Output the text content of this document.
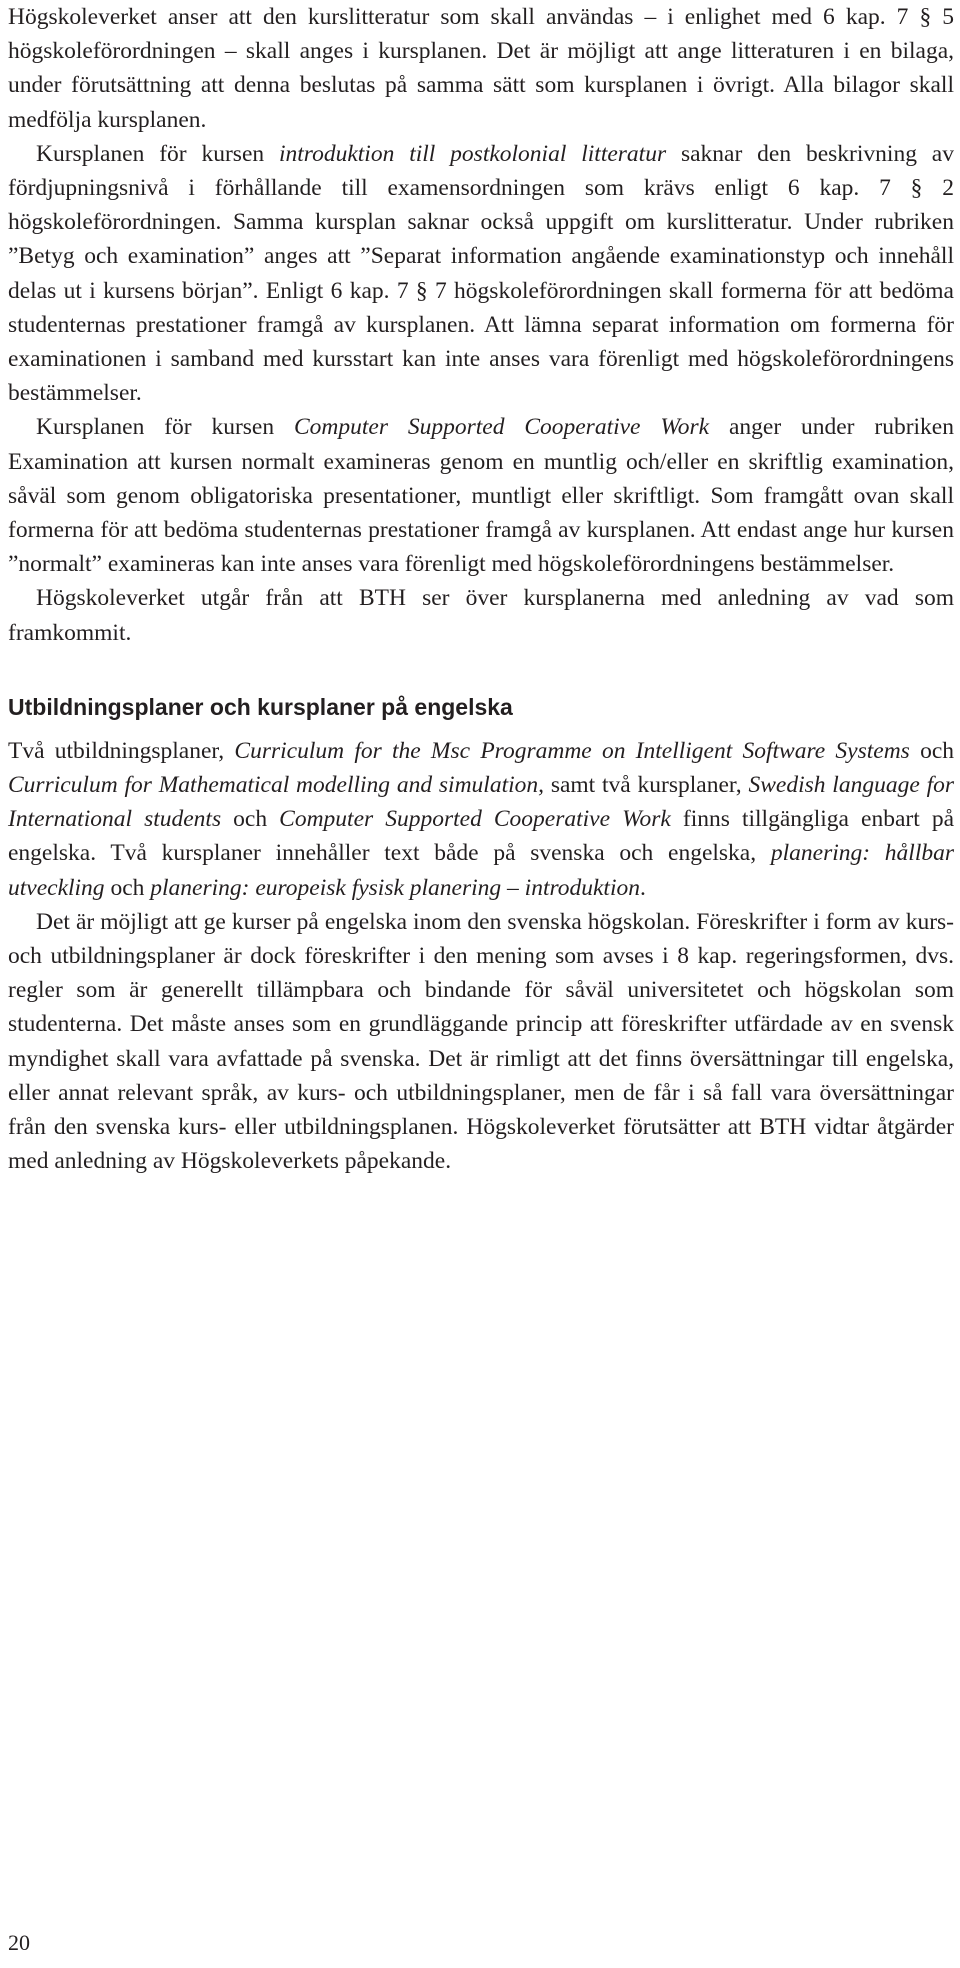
Högskoleverket anser att den kurslitteratur som skall användas – i enlighet med 6 kap. 7 § 5 högskoleförordningen – skall anges i kursplanen. Det är möjligt att ange litteraturen i en bilaga, under förutsättning att denna beslutas på samma sätt som kursplanen i övrigt. Alla bilagor skall medfölja kursplanen.

Kursplanen för kursen introduktion till postkolonial litteratur saknar den beskrivning av fördjupningsnivå i förhållande till examensordningen som krävs enligt 6 kap. 7 § 2 högskoleförordningen. Samma kursplan saknar också uppgift om kurslitteratur. Under rubriken ”Betyg och examination” anges att ”Separat information angående examinationstyp och innehåll delas ut i kursens början”. Enligt 6 kap. 7 § 7 högskoleförordningen skall formerna för att bedöma studenternas prestationer framgå av kursplanen. Att lämna separat information om formerna för examinationen i samband med kursstart kan inte anses vara förenligt med högskoleförordningens bestämmelser.

Kursplanen för kursen Computer Supported Cooperative Work anger under rubriken Examination att kursen normalt examineras genom en muntlig och/eller en skriftlig examination, såväl som genom obligatoriska presentationer, muntligt eller skriftligt. Som framgått ovan skall formerna för att bedöma studenternas prestationer framgå av kursplanen. Att endast ange hur kursen ”normalt” examineras kan inte anses vara förenligt med högskoleförordningens bestämmelser.

Högskoleverket utgår från att BTH ser över kursplanerna med anledning av vad som framkommit.

Utbildningsplaner och kursplaner på engelska

Två utbildningsplaner, Curriculum for the Msc Programme on Intelligent Software Systems och Curriculum for Mathematical modelling and simulation, samt två kursplaner, Swedish language for International students och Computer Supported Cooperative Work finns tillgängliga enbart på engelska. Två kursplaner innehåller text både på svenska och engelska, planering: hållbar utveckling och planering: europeisk fysisk planering – introduktion.

Det är möjligt att ge kurser på engelska inom den svenska högskolan. Föreskrifter i form av kurs- och utbildningsplaner är dock föreskrifter i den mening som avses i 8 kap. regeringsformen, dvs. regler som är generellt tillämpbara och bindande för såväl universitetet och högskolan som studenterna. Det måste anses som en grundläggande princip att föreskrifter utfärdade av en svensk myndighet skall vara avfattade på svenska. Det är rimligt att det finns översättningar till engelska, eller annat relevant språk, av kurs- och utbildningsplaner, men de får i så fall vara översättningar från den svenska kurs- eller utbildningsplanen. Högskoleverket förutsätter att BTH vidtar åtgärder med anledning av Högskoleverkets påpekande.

20
